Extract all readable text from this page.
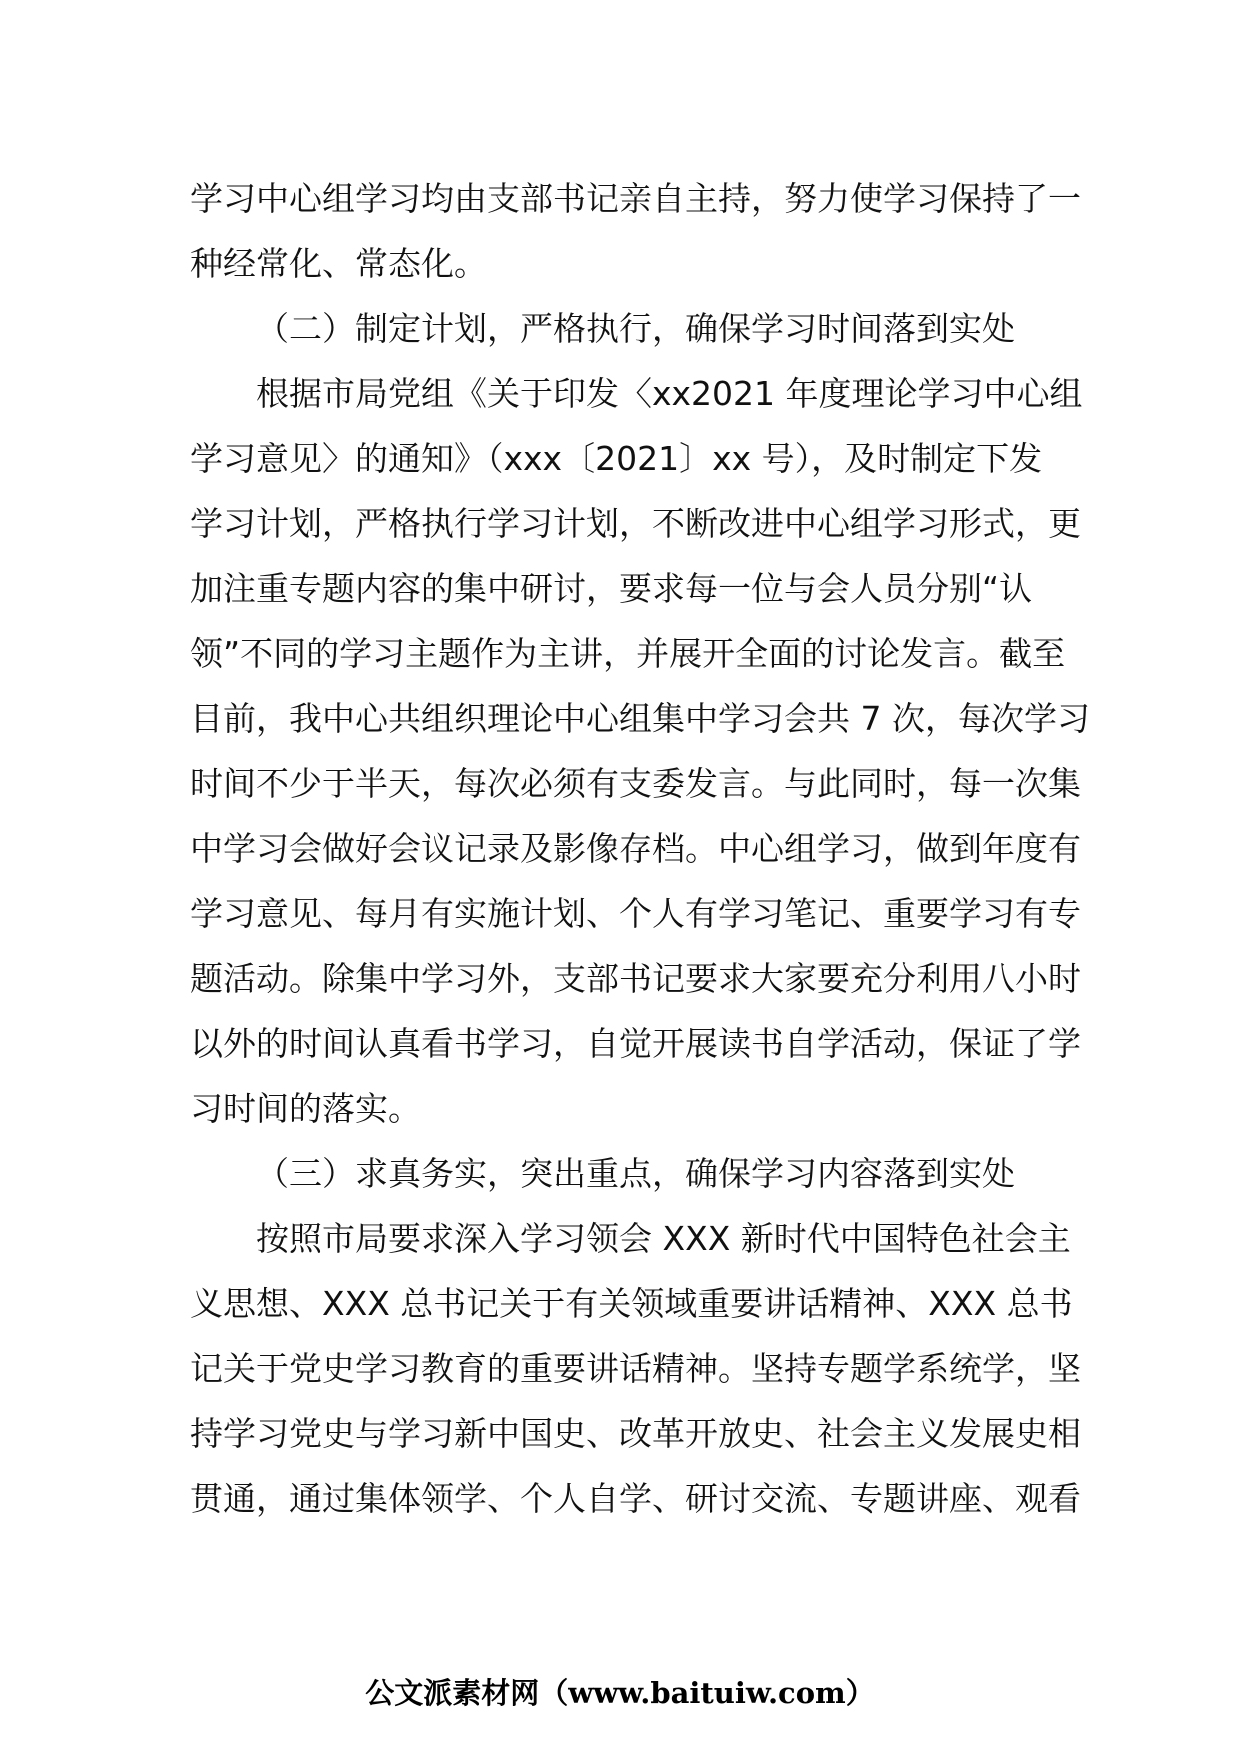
学习中心组学习均由支部书记亲自主持，努力使学习保持了一
种经常化、常态化。
（二）制定计划，严格执行，确保学习时间落到实处
根据市局党组《关于印发〈xx2021 年度理论学习中心组
学习意见〉的通知》（xxx〔2021〕xx 号），及时制定下发
学习计划，严格执行学习计划，不断改进中心组学习形式，更
加注重专题内容的集中研讨，要求每一位与会人员分别“认
领”不同的学习主题作为主讲，并展开全面的讨论发言。截至
目前，我中心共组织理论中心组集中学习会共 7 次，每次学习
时间不少于半天，每次必须有支委发言。与此同时，每一次集
中学习会做好会议记录及影像存档。中心组学习，做到年度有
学习意见、每月有实施计划、个人有学习笔记、重要学习有专
题活动。除集中学习外，支部书记要求大家要充分利用八小时
以外的时间认真看书学习，自觉开展读书自学活动，保证了学
习时间的落实。
（三）求真务实，突出重点，确保学习内容落到实处
按照市局要求深入学习领会 XXX 新时代中国特色社会主
义思想、XXX 总书记关于有关领域重要讲话精神、XXX 总书
记关于党史学习教育的重要讲话精神。坚持专题学系统学，坚
持学习党史与学习新中国史、改革开放史、社会主义发展史相
贯通，通过集体领学、个人自学、研讨交流、专题讲座、观看
公文派素材网（www.baituiw.com）
